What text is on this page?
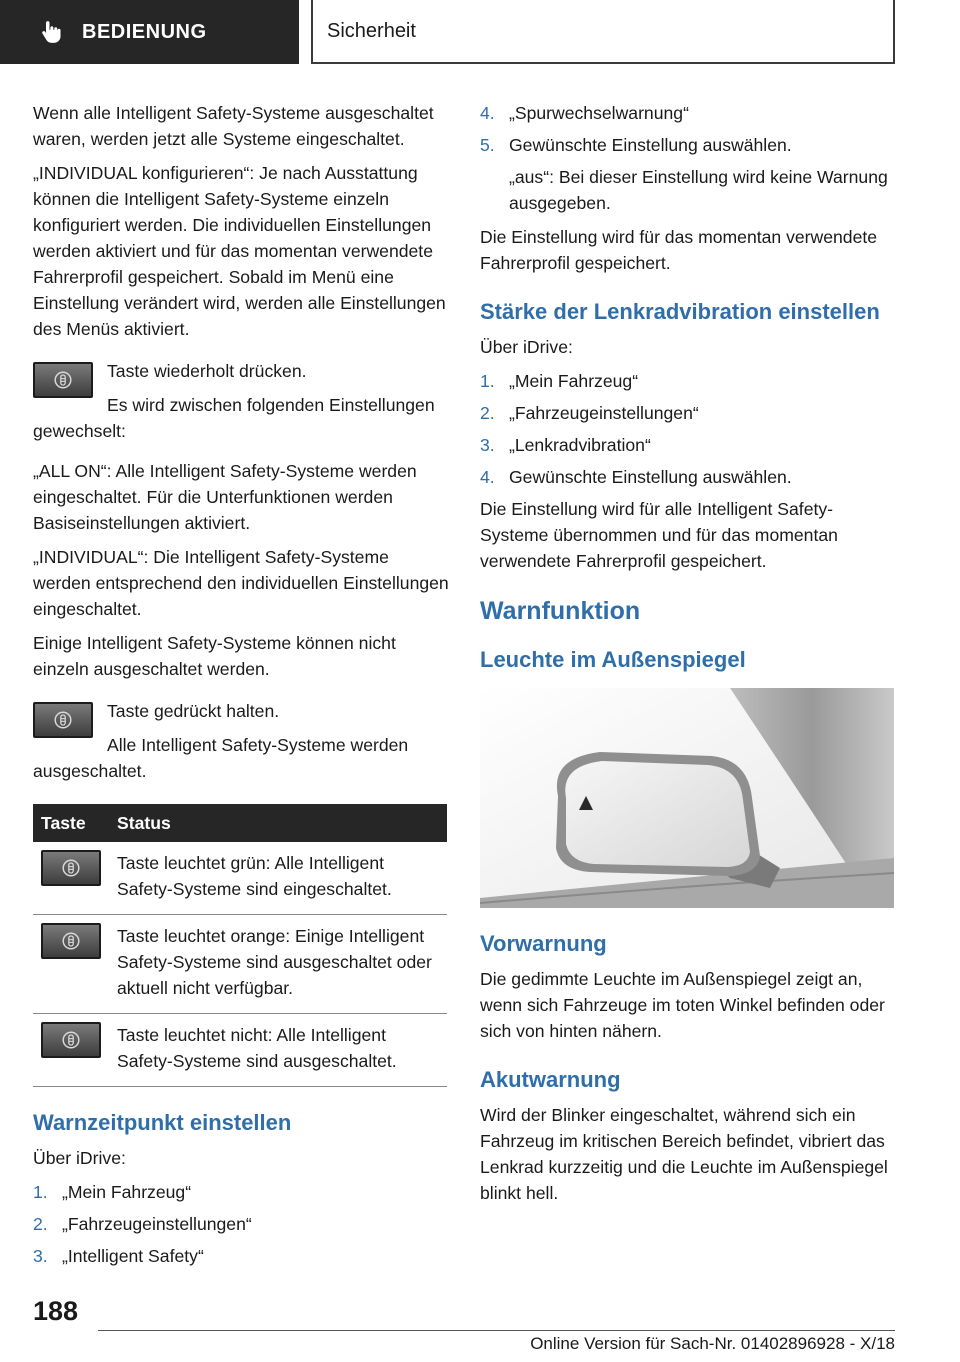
BEDIENUNG	Sicherheit

Wenn alle Intelligent Safety-Systeme ausgeschaltet waren, werden jetzt alle Systeme eingeschaltet.

„INDIVIDUAL konfigurieren“: Je nach Ausstattung können die Intelligent Safety-Systeme einzeln konfiguriert werden. Die individuellen Einstellungen werden aktiviert und für das momentan verwendete Fahrerprofil gespeichert. Sobald im Menü eine Einstellung verändert wird, werden alle Einstellungen des Menüs aktiviert.

Taste wiederholt drücken.

Es wird zwischen folgenden Einstellungen gewechselt:

„ALL ON“: Alle Intelligent Safety-Systeme werden eingeschaltet. Für die Unterfunktionen werden Basiseinstellungen aktiviert.

„INDIVIDUAL“: Die Intelligent Safety-Systeme werden entsprechend den individuellen Einstellungen eingeschaltet.

Einige Intelligent Safety-Systeme können nicht einzeln ausgeschaltet werden.

Taste gedrückt halten.

Alle Intelligent Safety-Systeme werden ausgeschaltet.

Taste	Status

	Taste leuchtet grün: Alle Intelligent Safety-Systeme sind eingeschaltet.

	Taste leuchtet orange: Einige Intelligent Safety-Systeme sind ausgeschaltet oder aktuell nicht verfügbar.

	Taste leuchtet nicht: Alle Intelligent Safety-Systeme sind ausgeschaltet.
Warnzeitpunkt einstellen

Über iDrive:

1. „Mein Fahrzeug“
2. „Fahrzeugeinstellungen“
3. „Intelligent Safety“
4. „Spurwechselwarnung“
5. Gewünschte Einstellung auswählen.

„aus“: Bei dieser Einstellung wird keine Warnung ausgegeben.

Die Einstellung wird für das momentan verwendete Fahrerprofil gespeichert.

Stärke der Lenkradvibration einstellen

Über iDrive:

1. „Mein Fahrzeug“
2. „Fahrzeugeinstellungen“
3. „Lenkradvibration“
4. Gewünschte Einstellung auswählen.

Die Einstellung wird für alle Intelligent Safety-Systeme übernommen und für das momentan verwendete Fahrerprofil gespeichert.

Warnfunktion
Leuchte im Außenspiegel
Vorwarnung

Die gedimmte Leuchte im Außenspiegel zeigt an, wenn sich Fahrzeuge im toten Winkel befinden oder sich von hinten nähern.

Akutwarnung

Wird der Blinker eingeschaltet, während sich ein Fahrzeug im kritischen Bereich befindet, vibriert das Lenkrad kurzzeitig und die Leuchte im Außenspiegel blinkt hell.

188
Online Version für Sach-Nr. 01402896928 - X/18
